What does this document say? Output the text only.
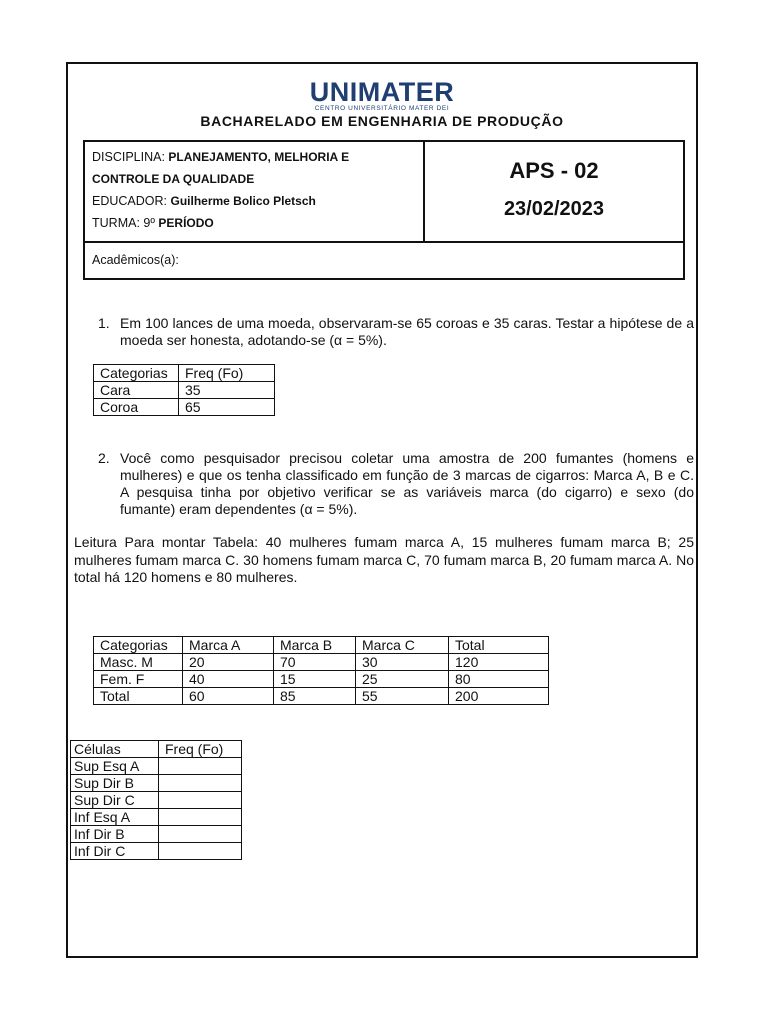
UNIMATER
CENTRO UNIVERSITÁRIO MATER DEI
BACHARELADO EM ENGENHARIA DE PRODUÇÃO
DISCIPLINA: PLANEJAMENTO, MELHORIA E
CONTROLE DA QUALIDADE
EDUCADOR: Guilherme Bolico Pletsch
TURMA: 9º PERÍODO
APS - 02
23/02/2023
Acadêmicos(a):
1. Em 100 lances de uma moeda, observaram-se 65 coroas e 35 caras. Testar a hipótese de a moeda ser honesta, adotando-se (α = 5%).
Categorias	Freq (Fo)
Cara	35
Coroa	65
2. Você como pesquisador precisou coletar uma amostra de 200 fumantes (homens e mulheres) e que os tenha classificado em função de 3 marcas de cigarros: Marca A, B e C. A pesquisa tinha por objetivo verificar se as variáveis marca (do cigarro) e sexo (do fumante) eram dependentes (α = 5%).
Leitura Para montar Tabela: 40 mulheres fumam marca A, 15 mulheres fumam marca B; 25 mulheres fumam marca C. 30 homens fumam marca C, 70 fumam marca B, 20 fumam marca A. No total há 120 homens e 80 mulheres.
Categorias	Marca A	Marca B	Marca C	Total
Masc. M	20	70	30	120
Fem. F	40	15	25	80
Total	60	85	55	200
Células	Freq (Fo)
Sup Esq A	
Sup Dir B	
Sup Dir C	
Inf Esq A	
Inf Dir B	
Inf Dir C	
